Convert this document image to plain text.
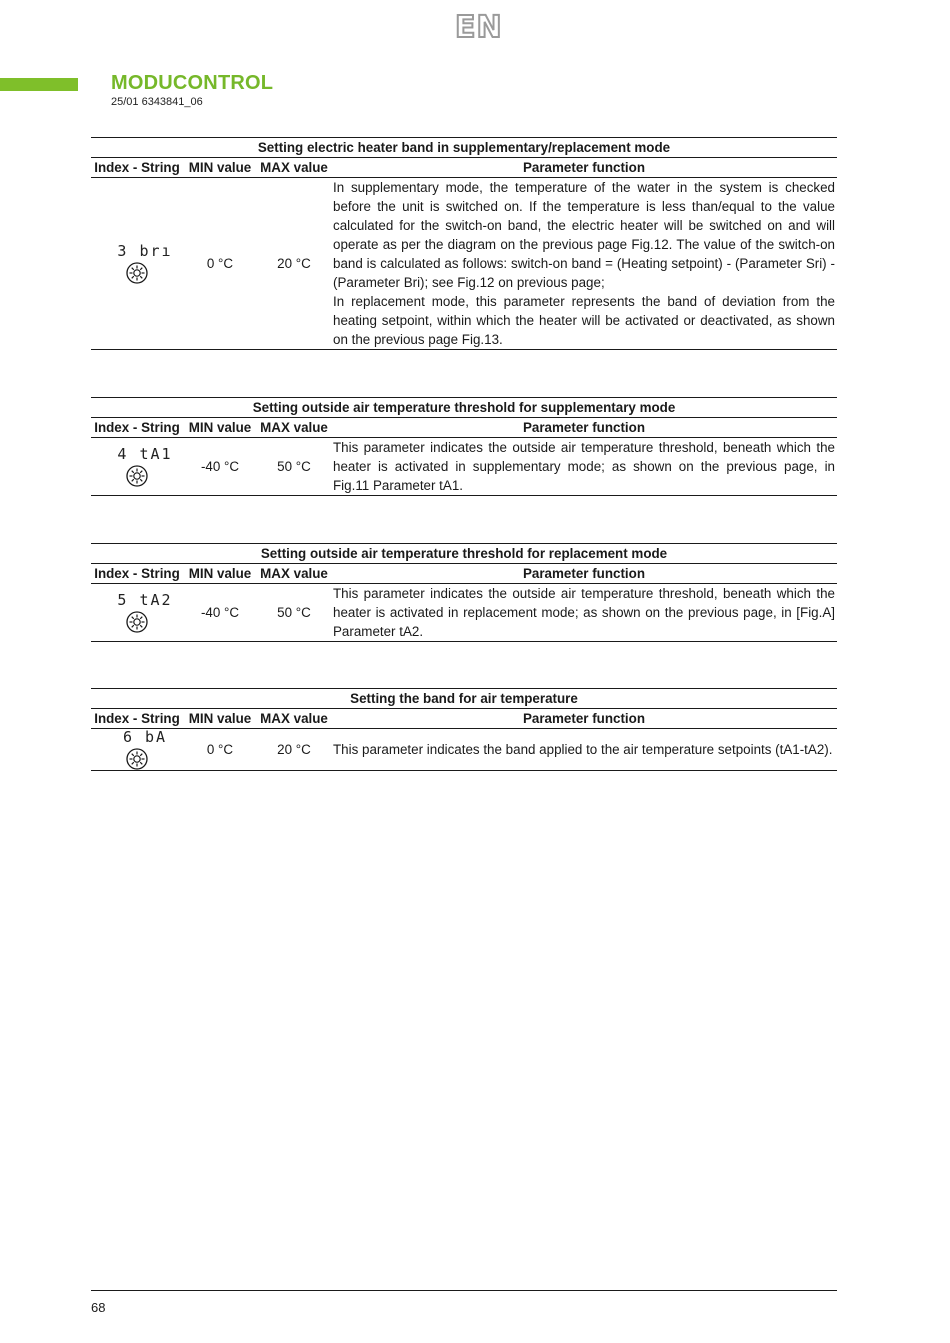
EN
MODUCONTROL
25/01 6343841_06
Setting electric heater band in supplementary/replacement mode			
Index - String	MIN value	MAX value	Parameter function

3 brı	0 °C	20 °C	In supplementary mode, the temperature of the water in the system is checked before the unit is switched on. If the temperature is less than/equal to the value calculated for the switch-on band, the electric heater will be switched on and will operate as per the diagram on the previous page Fig.12. The value of the switch-on band is calculated as follows: switch-on band = (Heating setpoint) - (Parameter Sri) - (Parameter Bri); see Fig.12 on previous page;
In replacement mode, this parameter represents the band of deviation from the heating setpoint, within which the heater will be activated or deactivated, as shown on the previous page Fig.13.
Setting outside air temperature threshold for supplementary mode			
Index - String	MIN value	MAX value	Parameter function

4 tA1	-40 °C	50 °C	This parameter indicates the outside air temperature threshold, beneath which the heater is activated in supplementary mode; as shown on the previous page, in Fig.11 Parameter tA1.
Setting outside air temperature threshold for replacement mode			
Index - String	MIN value	MAX value	Parameter function

5 tA2	-40 °C	50 °C	This parameter indicates the outside air temperature threshold, beneath which the heater is activated in replacement mode; as shown on the previous page, in [Fig.A] Parameter tA2.
Setting the band for air temperature			
Index - String	MIN value	MAX value	Parameter function

6 bA	0 °C	20 °C	This parameter indicates the band applied to the air temperature setpoints (tA1-tA2).
68
